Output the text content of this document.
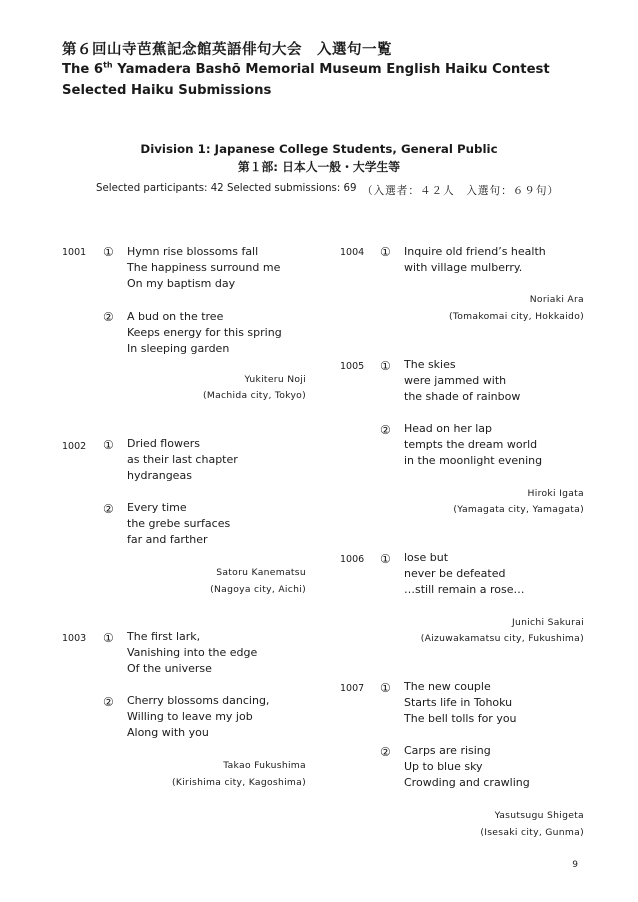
第６回山寺芭蕉記念館英語俳句大会　入選句一覧
The 6th Yamadera Bashō Memorial Museum English Haiku Contest
Selected Haiku Submissions
Division 1: Japanese College Students, General Public
第１部: 日本人一般・大学生等
Selected participants: 42 Selected submissions: 69 （入選者：４２人　入選句：６９句）
1001 ① Hymn rise blossoms fall
The happiness surround me
On my baptism day
② A bud on the tree
Keeps energy for this spring
In sleeping garden
Yukiteru Noji
(Machida city, Tokyo)
1002 ① Dried flowers
as their last chapter
hydrangeas
② Every time
the grebe surfaces
far and farther
Satoru Kanematsu
(Nagoya city, Aichi)
1003 ① The first lark,
Vanishing into the edge
Of the universe
② Cherry blossoms dancing,
Willing to leave my job
Along with you
Takao Fukushima
(Kirishima city, Kagoshima)
1004 ① Inquire old friend’s health
with village mulberry.
Noriaki Ara
(Tomakomai city, Hokkaido)
1005 ① The skies
were jammed with
the shade of rainbow
② Head on her lap
tempts the dream world
in the moonlight evening
Hiroki Igata
(Yamagata city, Yamagata)
1006 ① lose but
never be defeated
…still remain a rose…
Junichi Sakurai
(Aizuwakamatsu city, Fukushima)
1007 ① The new couple
Starts life in Tohoku
The bell tolls for you
② Carps are rising
Up to blue sky
Crowding and crawling
Yasutsugu Shigeta
(Isesaki city, Gunma)
9
